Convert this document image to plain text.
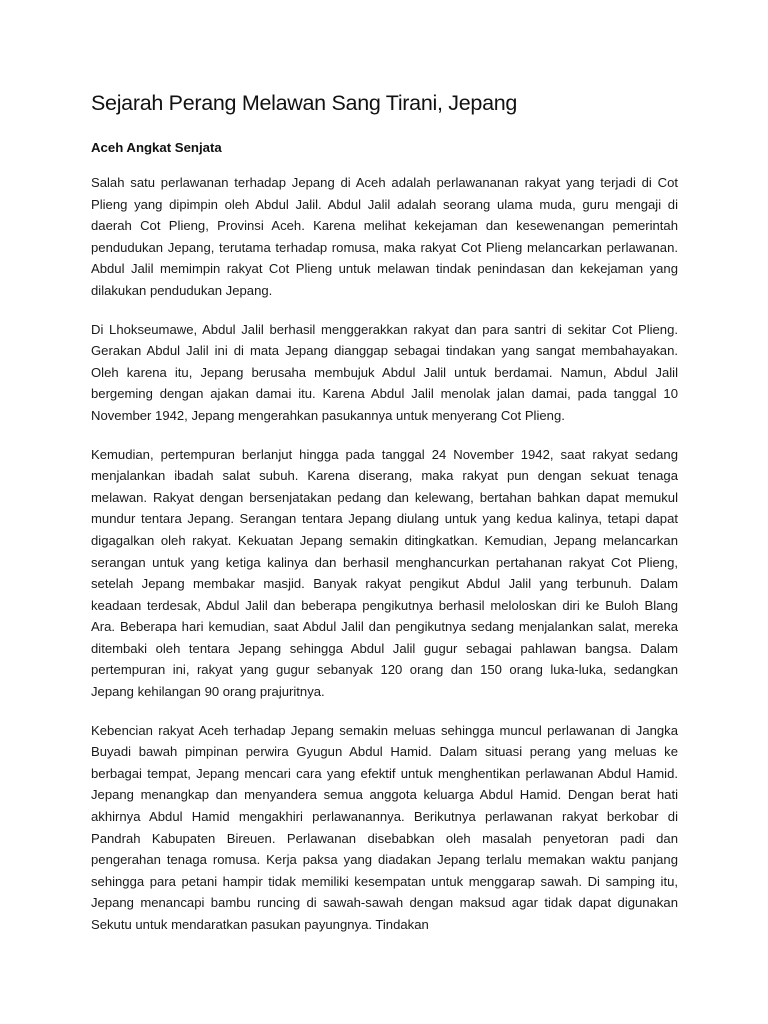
Sejarah Perang Melawan Sang Tirani, Jepang
Aceh Angkat Senjata

Salah satu perlawanan terhadap Jepang di Aceh adalah perlawananan rakyat yang terjadi di Cot Plieng yang dipimpin oleh Abdul Jalil. Abdul Jalil adalah seorang ulama muda, guru mengaji di daerah Cot Plieng, Provinsi Aceh. Karena melihat kekejaman dan kesewenangan pemerintah pendudukan Jepang, terutama terhadap romusa, maka rakyat Cot Plieng melancarkan perlawanan. Abdul Jalil memimpin rakyat Cot Plieng untuk melawan tindak penindasan dan kekejaman yang dilakukan pendudukan Jepang.

Di Lhokseumawe, Abdul Jalil berhasil menggerakkan rakyat dan para santri di sekitar Cot Plieng. Gerakan Abdul Jalil ini di mata Jepang dianggap sebagai tindakan yang sangat membahayakan. Oleh karena itu, Jepang berusaha membujuk Abdul Jalil untuk berdamai. Namun, Abdul Jalil bergeming dengan ajakan damai itu. Karena Abdul Jalil menolak jalan damai, pada tanggal 10 November 1942, Jepang mengerahkan pasukannya untuk menyerang Cot Plieng.

Kemudian, pertempuran berlanjut hingga pada tanggal 24 November 1942, saat rakyat sedang menjalankan ibadah salat subuh. Karena diserang, maka rakyat pun dengan sekuat tenaga melawan. Rakyat dengan bersenjatakan pedang dan kelewang, bertahan bahkan dapat memukul mundur tentara Jepang. Serangan tentara Jepang diulang untuk yang kedua kalinya, tetapi dapat digagalkan oleh rakyat. Kekuatan Jepang semakin ditingkatkan. Kemudian, Jepang melancarkan serangan untuk yang ketiga kalinya dan berhasil menghancurkan pertahanan rakyat Cot Plieng, setelah Jepang membakar masjid. Banyak rakyat pengikut Abdul Jalil yang terbunuh. Dalam keadaan terdesak, Abdul Jalil dan beberapa pengikutnya berhasil meloloskan diri ke Buloh Blang Ara. Beberapa hari kemudian, saat Abdul Jalil dan pengikutnya sedang menjalankan salat, mereka ditembaki oleh tentara Jepang sehingga Abdul Jalil gugur sebagai pahlawan bangsa. Dalam pertempuran ini, rakyat yang gugur sebanyak 120 orang dan 150 orang luka-luka, sedangkan Jepang kehilangan 90 orang prajuritnya.

Kebencian rakyat Aceh terhadap Jepang semakin meluas sehingga muncul perlawanan di Jangka Buyadi bawah pimpinan perwira Gyugun Abdul Hamid. Dalam situasi perang yang meluas ke berbagai tempat, Jepang mencari cara yang efektif untuk menghentikan perlawanan Abdul Hamid. Jepang menangkap dan menyandera semua anggota keluarga Abdul Hamid. Dengan berat hati akhirnya Abdul Hamid mengakhiri perlawanannya. Berikutnya perlawanan rakyat berkobar di Pandrah Kabupaten Bireuen. Perlawanan disebabkan oleh masalah penyetoran padi dan pengerahan tenaga romusa. Kerja paksa yang diadakan Jepang terlalu memakan waktu panjang sehingga para petani hampir tidak memiliki kesempatan untuk menggarap sawah. Di samping itu, Jepang menancapi bambu runcing di sawah-sawah dengan maksud agar tidak dapat digunakan Sekutu untuk mendaratkan pasukan payungnya. Tindakan
